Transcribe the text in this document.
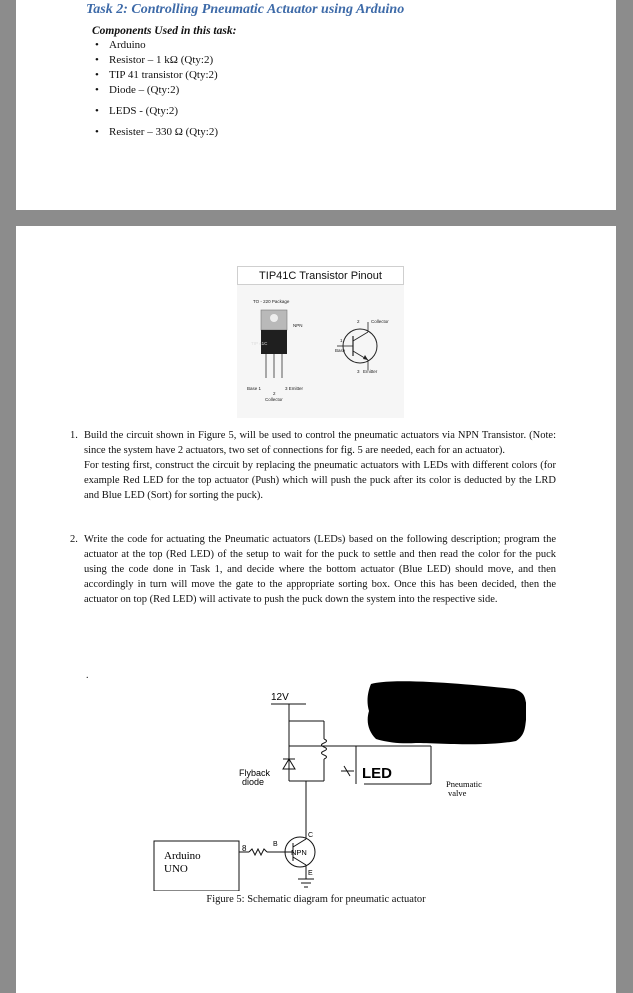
Task 2: Controlling Pneumatic Actuator using Arduino

Components Used in this task:

• Arduino
• Resistor – 1 kΩ (Qty:2)
• TIP 41 transistor (Qty:2)
• Diode – (Qty:2)
• LEDS - (Qty:2)
• Resister – 330 Ω (Qty:2)
TIP41C Transistor Pinout
TO - 220 Package
TIP 41C
NPN
2	Collector
1
Base
3 Emitter
Base 1	3 Emitter
2
Collector
1. Build the circuit shown in Figure 5, will be used to control the pneumatic actuators via NPN Transistor. (Note: since the system have 2 actuators, two set of connections for fig. 5 are needed, each for an actuator).

For testing first, construct the circuit by replacing the pneumatic actuators with LEDs with different colors (for example Red LED for the top actuator (Push) which will push the puck after its color is deducted by the LRD and Blue LED (Sort) for sorting the puck).

2. Write the code for actuating the Pneumatic actuators (LEDs) based on the following description; program the actuator at the top (Red LED) of the setup to wait for the puck to settle and then read the color for the puck using the code done in Task 1, and decide where the bottom actuator (Blue LED) should move, and then accordingly in turn will move the gate to the appropriate sorting box. Once this has been decided, then the actuator on top (Red LED) will activate to push the puck down the system into the respective side.

.
12V
Flyback
diode	LED
Pneumatic
valve
Arduino
UNO
8	B
C
E
NPN

Figure 5: Schematic diagram for pneumatic actuator
